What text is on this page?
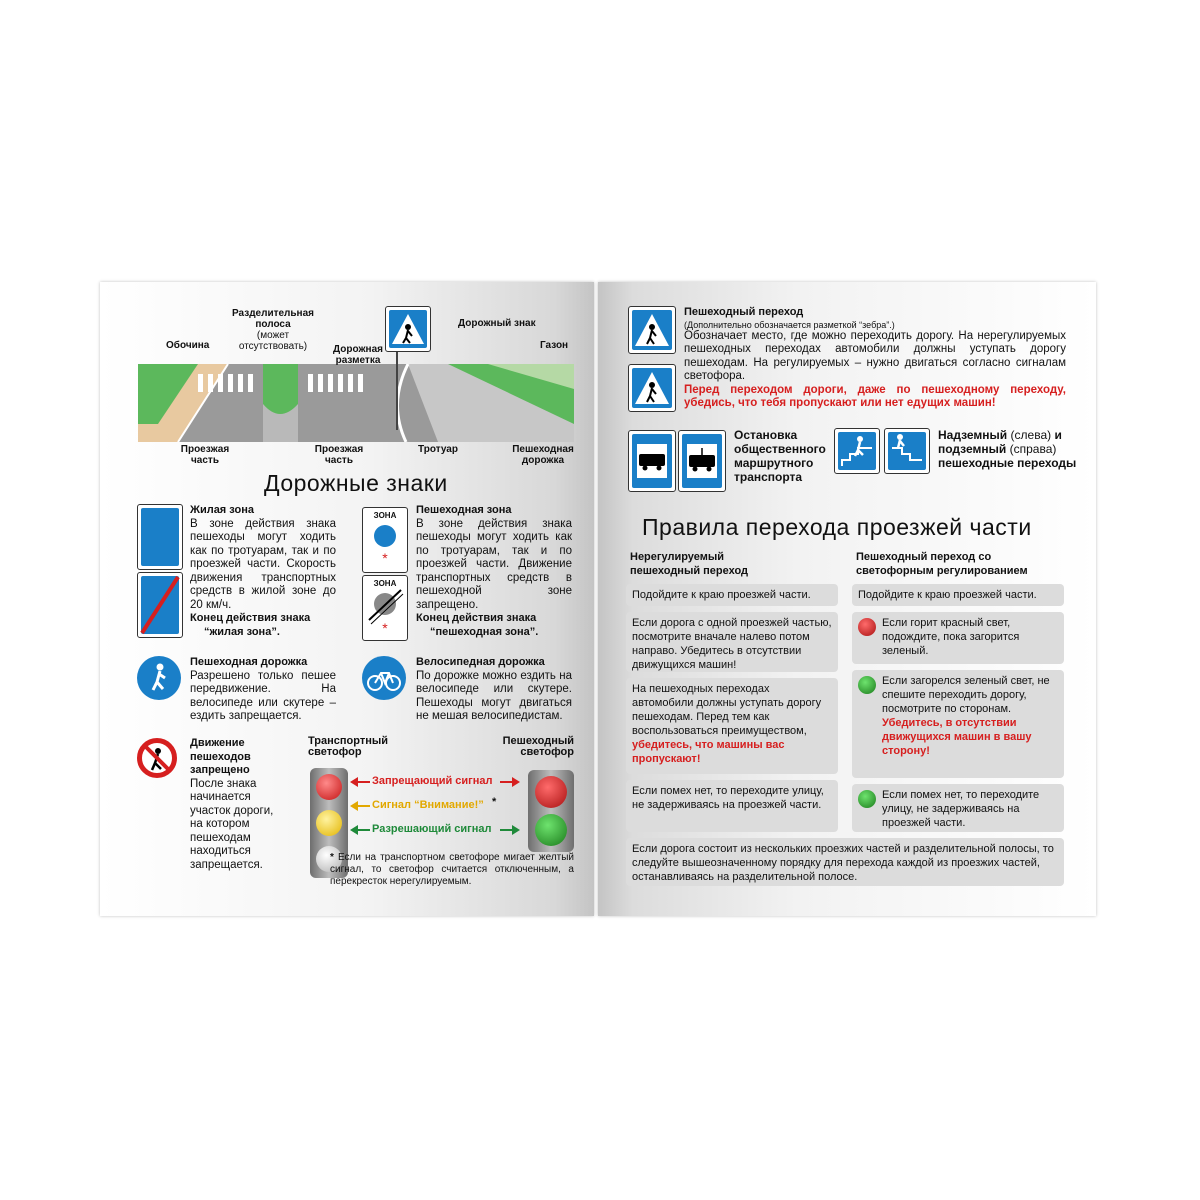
Обочина
Разделительная полоса
(может отсутствовать)	Дорожная разметка
Дорожный знак
Газон
Проезжая часть
Проезжая часть
Тротуар	Пешеходная дорожка
Дорожные знаки
Жилая зона
В зоне действия знака пешеходы могут ходить как по тротуарам, так и по проезжей части. Скорость движения транспортных средств в жилой зоне до 20 км/ч.
Конец действия знака
“жилая зона”.
ЗОНА
*
ЗОНА
*
Пешеходная зона
В зоне действия знака пешеходы могут ходить как по тротуарам, так и по проезжей части. Движение транспортных средств в пешеходной зоне запрещено.
Конец действия знака
“пешеходная зона”.
Пешеходная дорожка
Разрешено только пешее передвижение. На велосипеде или скутере – ездить запрещается.
Велосипедная дорожка
По дорожке можно ездить на велосипеде или скутере. Пешеходы могут двигаться не мешая велосипедистам.
Движение пешеходов запрещено
После знака начинается участок дороги, на котором пешеходам находиться запрещается.
Транспортный светофор
Пешеходный светофор
Запрещающий сигнал
Сигнал “Внимание!” *
Разрешающий сигнал
* Если на транспортном светофоре мигает желтый сигнал, то светофор считается отключенным, а перекресток нерегулируемым.
Пешеходный переход
(Дополнительно обозначается разметкой “зебра”.)
Обозначает место, где можно переходить дорогу. На нерегулируемых пешеходных переходах автомобили должны уступать дорогу пешеходам. На регулируемых – нужно двигаться согласно сигналам светофора.
Перед переходом дороги, даже по пешеходному переходу, убедись, что тебя пропускают или нет едущих машин!
Остановка общественного маршрутного транспорта
Надземный (слева) и подземный (справа) пешеходные переходы
Правила перехода проезжей части
Нерегулируемый пешеходный переход
Пешеходный переход со светофорным регулированием
Подойдите к краю проезжей части.
Если дорога с одной проезжей частью, посмотрите вначале налево потом направо. Убедитесь в отсутствии движущихся машин!
На пешеходных переходах автомобили должны уступать дорогу пешеходам. Перед тем как воспользоваться преимуществом, убедитесь, что машины вас пропускают!
Если помех нет, то переходите улицу, не задерживаясь на проезжей части.
Подойдите к краю проезжей части.
Если горит красный свет, подождите, пока загорится зеленый.
Если загорелся зеленый свет, не спешите переходить дорогу, посмотрите по сторонам.
Убедитесь, в отсутствии движущихся машин в вашу сторону!
Если помех нет, то переходите улицу, не задерживаясь на проезжей части.
Если дорога состоит из нескольких проезжих частей и разделительной полосы, то следуйте вышеозначенному порядку для перехода каждой из проезжих частей, останавливаясь на разделительной полосе.
